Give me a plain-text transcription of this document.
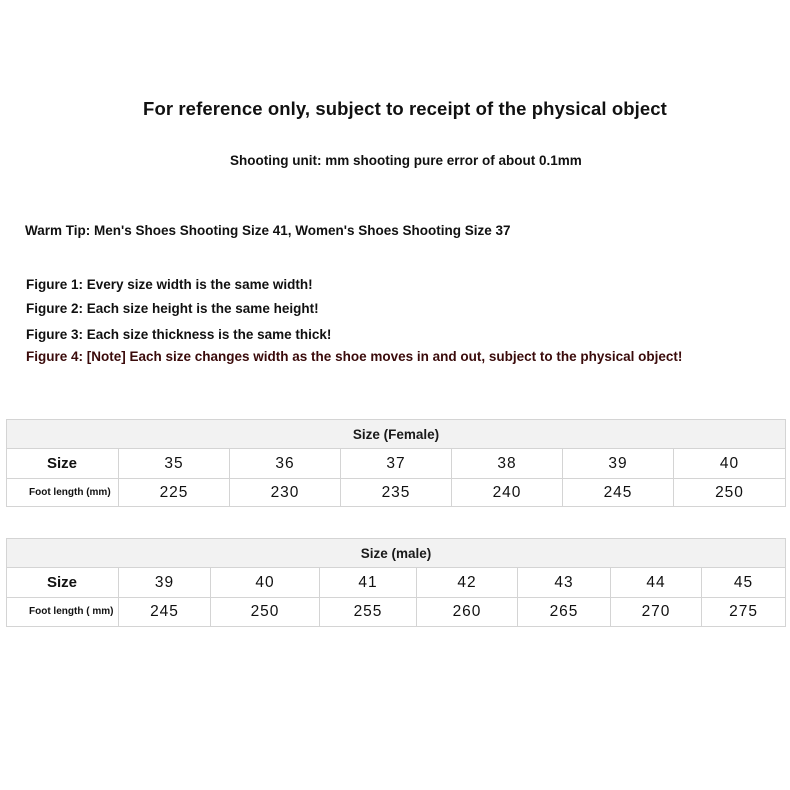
For reference only, subject to receipt of the physical object
Shooting unit: mm shooting pure error of about 0.1mm
Warm Tip: Men's Shoes Shooting Size 41, Women's Shoes Shooting Size 37
Figure 1: Every size width is the same width!
Figure 2: Each size height is the same height!
Figure 3: Each size thickness is the same thick!
Figure 4: [Note] Each size changes width as the shoe moves in and out, subject to the physical object!
Size (Female)						
Size	35	36	37	38	39	40
Foot length (mm)	225	230	235	240	245	250
Size (male)							
Size	39	40	41	42	43	44	45
Foot length ( mm)	245	250	255	260	265	270	275
